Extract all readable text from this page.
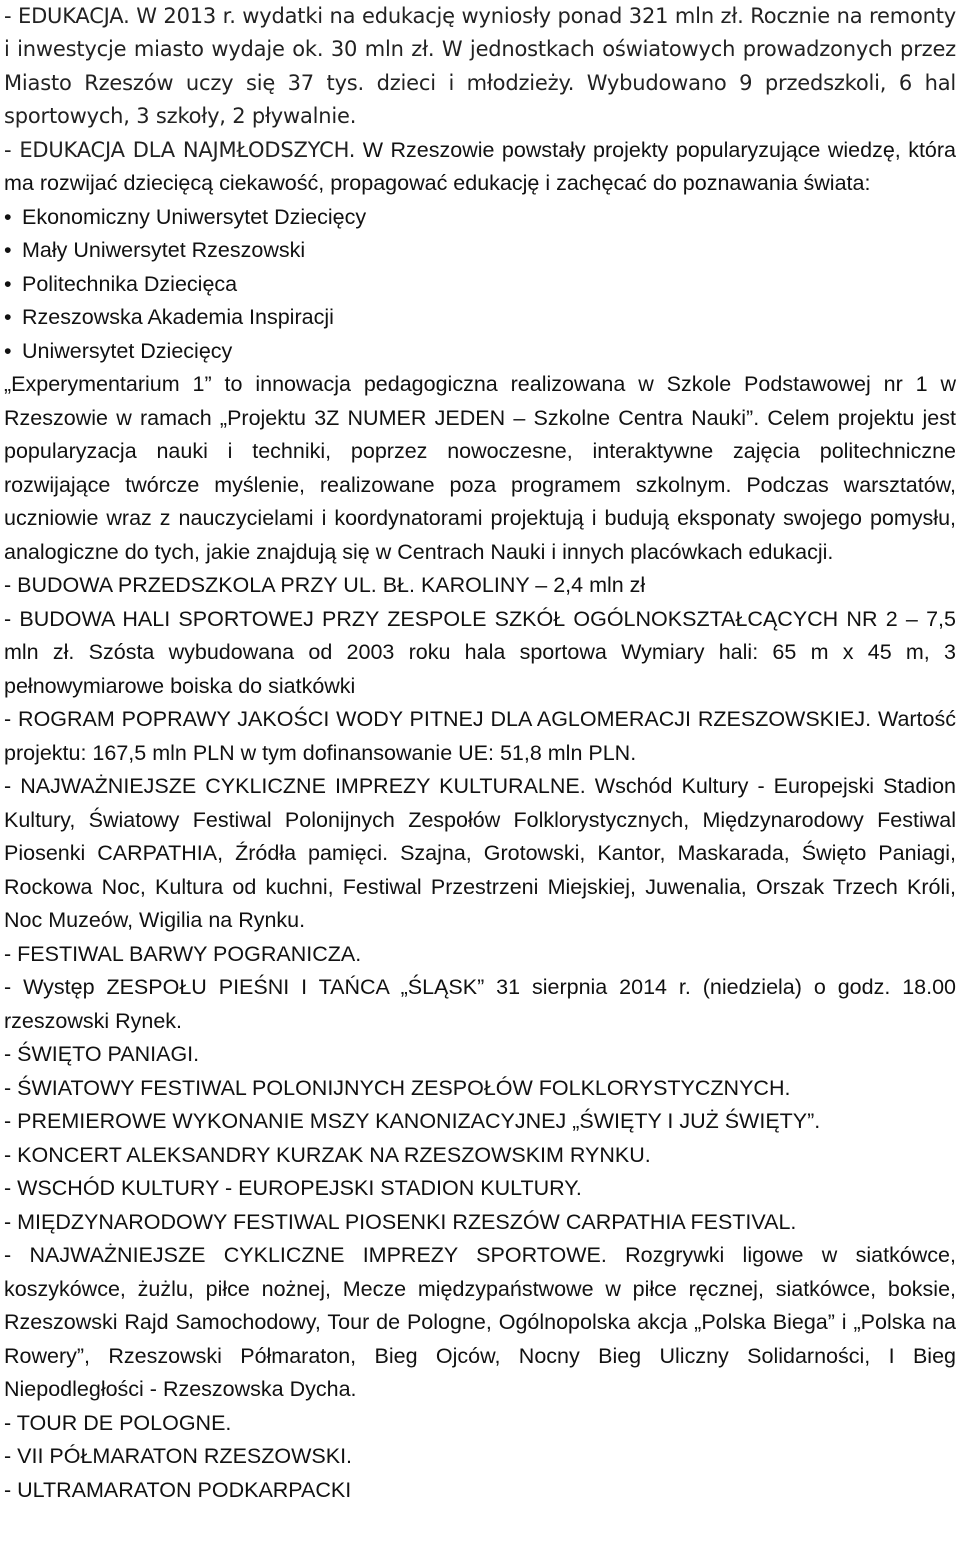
- EDUKACJA. W 2013 r. wydatki na edukację wyniosły ponad 321 mln zł. Rocznie na remonty i inwestycje miasto wydaje ok. 30 mln zł. W jednostkach oświatowych prowadzonych przez Miasto Rzeszów uczy się 37 tys. dzieci i młodzieży. Wybudowano 9 przedszkoli, 6 hal sportowych, 3 szkoły, 2 pływalnie.

- EDUKACJA DLA NAJMŁODSZYCH. W Rzeszowie powstały projekty popularyzujące wiedzę, która ma rozwijać dziecięcą ciekawość, propagować edukację i zachęcać do poznawania świata:

• Ekonomiczny Uniwersytet Dziecięcy
• Mały Uniwersytet Rzeszowski
• Politechnika Dziecięca
• Rzeszowska Akademia Inspiracji
• Uniwersytet Dziecięcy

„Experymentarium 1” to innowacja pedagogiczna realizowana w Szkole Podstawowej nr 1 w Rzeszowie w ramach „Projektu 3Z NUMER JEDEN – Szkolne Centra Nauki”. Celem projektu jest popularyzacja nauki i techniki, poprzez nowoczesne, interaktywne zajęcia politechniczne rozwijające twórcze myślenie, realizowane poza programem szkolnym. Podczas warsztatów, uczniowie wraz z nauczycielami i koordynatorami projektują i budują eksponaty swojego pomysłu, analogiczne do tych, jakie znajdują się w Centrach Nauki i innych placówkach edukacji.

- BUDOWA PRZEDSZKOLA PRZY UL. BŁ. KAROLINY – 2,4 mln zł

- BUDOWA HALI SPORTOWEJ PRZY ZESPOLE SZKÓŁ OGÓLNOKSZTAŁCĄCYCH NR 2 – 7,5 mln zł. Szósta wybudowana od 2003 roku hala sportowa Wymiary hali: 65 m x 45 m, 3 pełnowymiarowe boiska do siatkówki

- ROGRAM POPRAWY JAKOŚCI WODY PITNEJ DLA AGLOMERACJI RZESZOWSKIEJ. Wartość projektu: 167,5 mln PLN w tym dofinansowanie UE: 51,8 mln PLN.

- NAJWAŻNIEJSZE CYKLICZNE IMPREZY KULTURALNE. Wschód Kultury - Europejski Stadion Kultury, Światowy Festiwal Polonijnych Zespołów Folklorystycznych, Międzynarodowy Festiwal Piosenki CARPATHIA, Źródła pamięci. Szajna, Grotowski, Kantor, Maskarada, Święto Paniagi, Rockowa Noc, Kultura od kuchni, Festiwal Przestrzeni Miejskiej, Juwenalia, Orszak Trzech Króli, Noc Muzeów, Wigilia na Rynku.

- FESTIWAL BARWY POGRANICZA.

- Występ ZESPOŁU PIEŚNI I TAŃCA „ŚLĄSK” 31 sierpnia 2014 r. (niedziela) o godz. 18.00 rzeszowski Rynek.

- ŚWIĘTO PANIAGI.

- ŚWIATOWY FESTIWAL POLONIJNYCH ZESPOŁÓW FOLKLORYSTYCZNYCH.

- PREMIEROWE WYKONANIE MSZY KANONIZACYJNEJ „ŚWIĘTY I JUŻ ŚWIĘTY”.

- KONCERT ALEKSANDRY KURZAK NA RZESZOWSKIM RYNKU.

- WSCHÓD KULTURY - EUROPEJSKI STADION KULTURY.

- MIĘDZYNARODOWY FESTIWAL PIOSENKI RZESZÓW CARPATHIA FESTIVAL.

- NAJWAŻNIEJSZE CYKLICZNE IMPREZY SPORTOWE. Rozgrywki ligowe w siatkówce, koszykówce, żużlu, piłce nożnej, Mecze międzypaństwowe w piłce ręcznej, siatkówce, boksie, Rzeszowski Rajd Samochodowy, Tour de Pologne, Ogólnopolska akcja „Polska Biega” i „Polska na Rowery”, Rzeszowski Półmaraton, Bieg Ojców, Nocny Bieg Uliczny Solidarności, I Bieg Niepodległości - Rzeszowska Dycha.

- TOUR DE POLOGNE.

- VII PÓŁMARATON RZESZOWSKI.

- ULTRAMARATON PODKARPACKI
